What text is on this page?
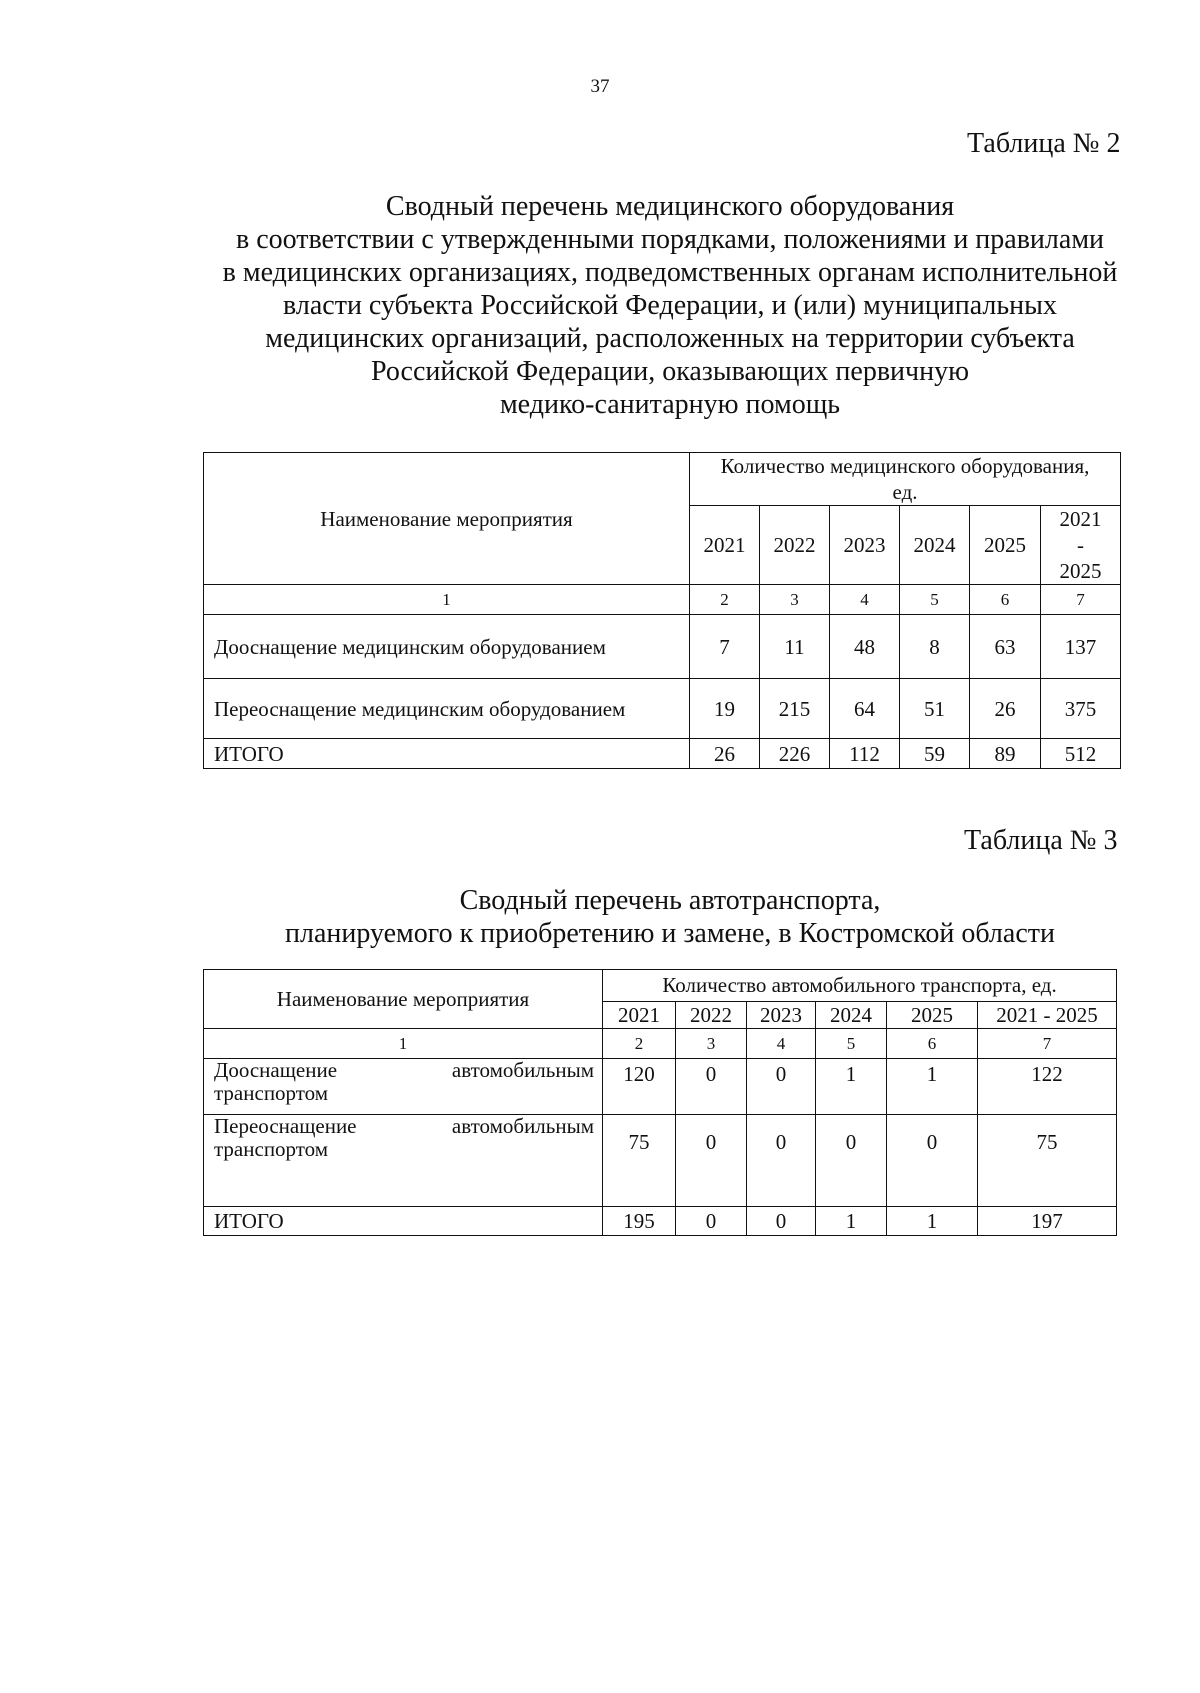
37
Таблица № 2
Сводный перечень медицинского оборудования
в соответствии с утвержденными порядками, положениями и правилами
в медицинских организациях, подведомственных органам исполнительной
власти субъекта Российской Федерации, и (или) муниципальных
медицинских организаций, расположенных на территории субъекта
Российской Федерации, оказывающих первичную
медико-санитарную помощь
Наименование мероприятия	Количество медицинского оборудования,
ед.					

	2021	2022	2023	2024	2025	2021
-
2025

1	2	3	4	5	6	7
Дооснащение медицинским оборудованием	7	11	48	8	63	137
Переоснащение медицинским оборудованием	19	215	64	51	26	375
ИТОГО	26	226	112	59	89	512
Таблица № 3
Сводный перечень автотранспорта,
планируемого к приобретению и замене, в Костромской области
Наименование мероприятия	Количество автомобильного транспорта, ед.					
	2021	2022	2023	2024	2025	2021 - 2025
1	2	3	4	5	6	7

Дооснащение автомобильным
транспортом	120	0	0	1	1	122

Переоснащение автомобильным
транспортом	75	0	0	0	0	75
ИТОГО	195	0	0	1	1	197
